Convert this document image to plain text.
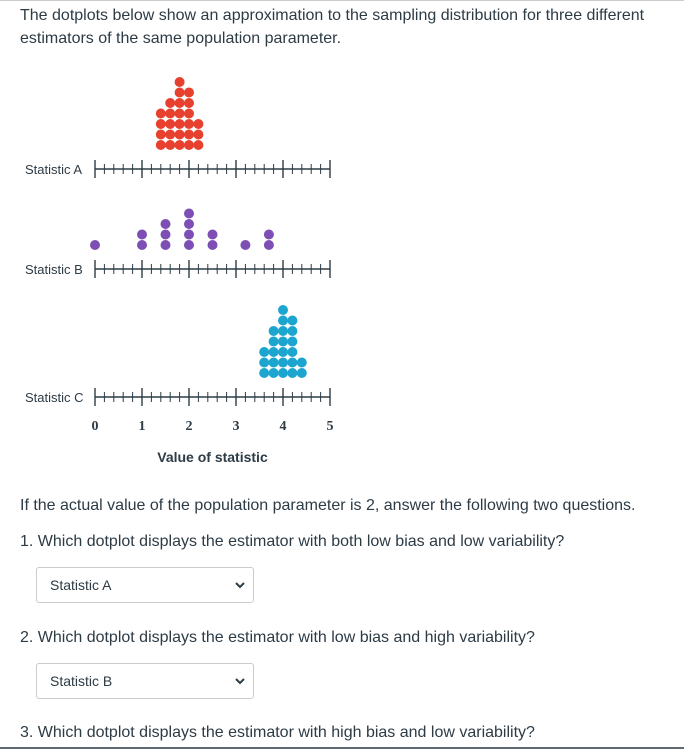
The dotplots below show an approximation to the sampling distribution for three different estimators of the same population parameter.
Statistic A
Statistic B
Statistic C
0	1	2	3	4	5
Value of statistic
If the actual value of the population parameter is 2, answer the following two questions.
1. Which dotplot displays the estimator with both low bias and low variability?
Statistic A
2. Which dotplot displays the estimator with low bias and high variability?
Statistic B
3. Which dotplot displays the estimator with high bias and low variability?
